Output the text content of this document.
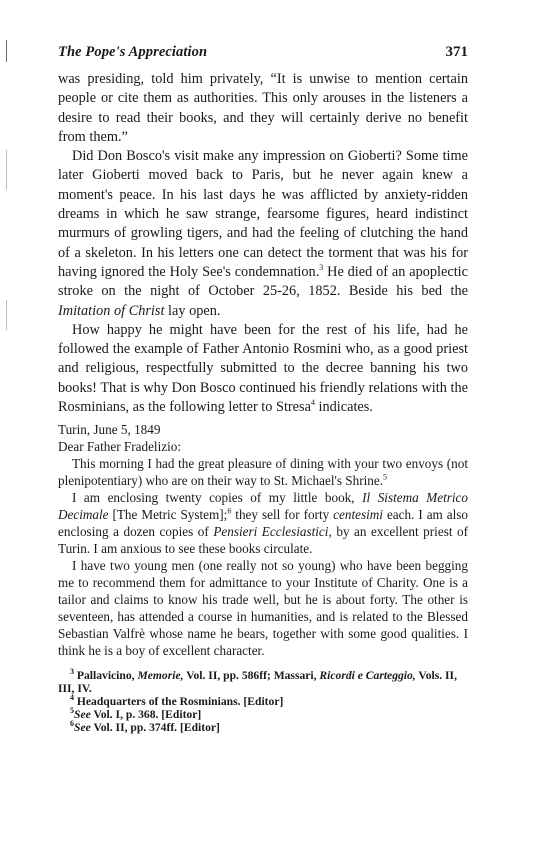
The Pope's Appreciation	371

was presiding, told him privately, “It is unwise to mention certain people or cite them as authorities. This only arouses in the listeners a desire to read their books, and they will certainly derive no benefit from them.”

Did Don Bosco's visit make any impression on Gioberti? Some time later Gioberti moved back to Paris, but he never again knew a moment's peace. In his last days he was afflicted by anxiety-ridden dreams in which he saw strange, fearsome figures, heard indistinct murmurs of growling tigers, and had the feeling of clutching the hand of a skeleton. In his letters one can detect the torment that was his for having ignored the Holy See's condemnation.$^3$ He died of an apoplectic stroke on the night of October 25-26, 1852. Beside his bed the Imitation of Christ lay open.

How happy he might have been for the rest of his life, had he followed the example of Father Antonio Rosmini who, as a good priest and religious, respectfully submitted to the decree banning his two books! That is why Don Bosco continued his friendly relations with the Rosminians, as the following letter to Stresa$^4$ indicates.

Turin, June 5, 1849

Dear Father Fradelizio:

This morning I had the great pleasure of dining with your two envoys (not plenipotentiary) who are on their way to St. Michael's Shrine.$^5$

I am enclosing twenty copies of my little book, Il Sistema Metrico Decimale [The Metric System];$^6$ they sell for forty centesimi each. I am also enclosing a dozen copies of Pensieri Ecclesiastici, by an excellent priest of Turin. I am anxious to see these books circulate.

I have two young men (one really not so young) who have been begging me to recommend them for admittance to your Institute of Charity. One is a tailor and claims to know his trade well, but he is about forty. The other is seventeen, has attended a course in humanities, and is related to the Blessed Sebastian Valfrè whose name he bears, together with some good qualities. I think he is a boy of excellent character.

$^3$ Pallavicino, Memorie, Vol. II, pp. 586ff; Massari, Ricordi e Carteggio, Vols. II, III, IV.

$^4$ Headquarters of the Rosminians. [Editor]

$^5$See Vol. I, p. 368. [Editor]

$^6$See Vol. II, pp. 374ff. [Editor]
